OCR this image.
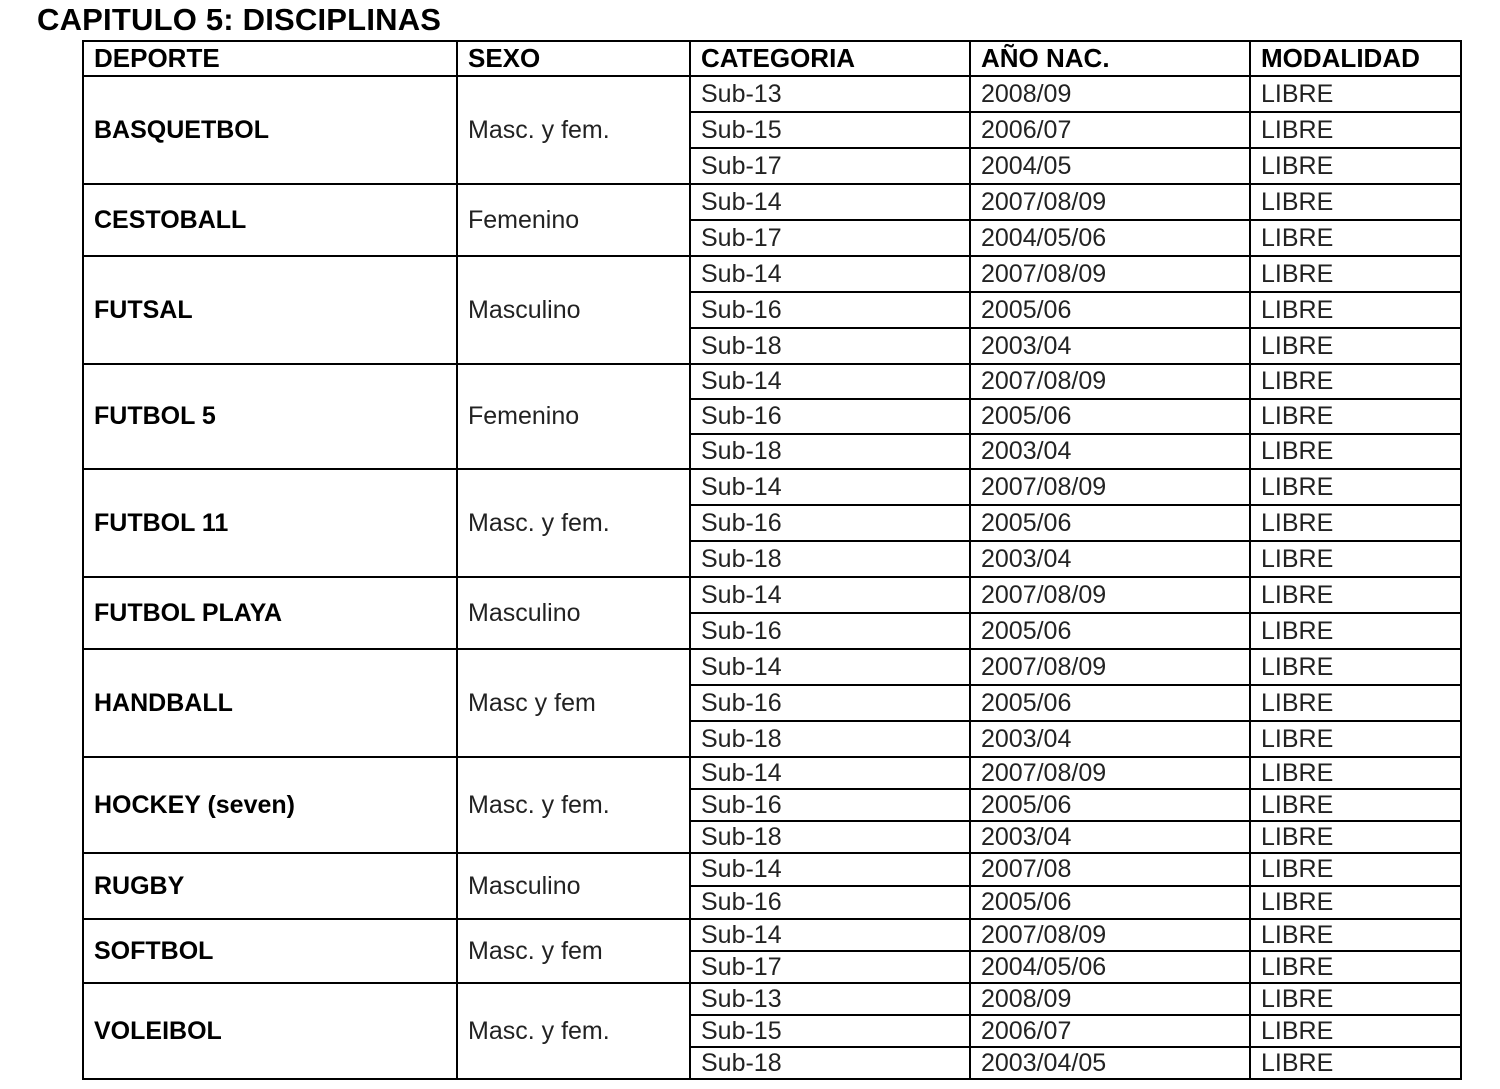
CAPITULO 5: DISCIPLINAS
DEPORTE	SEXO	CATEGORIA	AÑO NAC.	MODALIDAD
BASQUETBOL	Masc. y fem.	Sub-13	2008/09	LIBRE
		Sub-15	2006/07	LIBRE
		Sub-17	2004/05	LIBRE
CESTOBALL	Femenino	Sub-14	2007/08/09	LIBRE
		Sub-17	2004/05/06	LIBRE
FUTSAL	Masculino	Sub-14	2007/08/09	LIBRE
		Sub-16	2005/06	LIBRE
		Sub-18	2003/04	LIBRE
FUTBOL 5	Femenino	Sub-14	2007/08/09	LIBRE
		Sub-16	2005/06	LIBRE
		Sub-18	2003/04	LIBRE
FUTBOL 11	Masc. y fem.	Sub-14	2007/08/09	LIBRE
		Sub-16	2005/06	LIBRE
		Sub-18	2003/04	LIBRE
FUTBOL PLAYA	Masculino	Sub-14	2007/08/09	LIBRE
		Sub-16	2005/06	LIBRE
HANDBALL	Masc y fem	Sub-14	2007/08/09	LIBRE
		Sub-16	2005/06	LIBRE
		Sub-18	2003/04	LIBRE
HOCKEY (seven)	Masc. y fem.	Sub-14	2007/08/09	LIBRE
		Sub-16	2005/06	LIBRE
		Sub-18	2003/04	LIBRE
RUGBY	Masculino	Sub-14	2007/08	LIBRE
		Sub-16	2005/06	LIBRE
SOFTBOL	Masc. y fem	Sub-14	2007/08/09	LIBRE
		Sub-17	2004/05/06	LIBRE
VOLEIBOL	Masc. y fem.	Sub-13	2008/09	LIBRE
		Sub-15	2006/07	LIBRE
		Sub-18	2003/04/05	LIBRE
